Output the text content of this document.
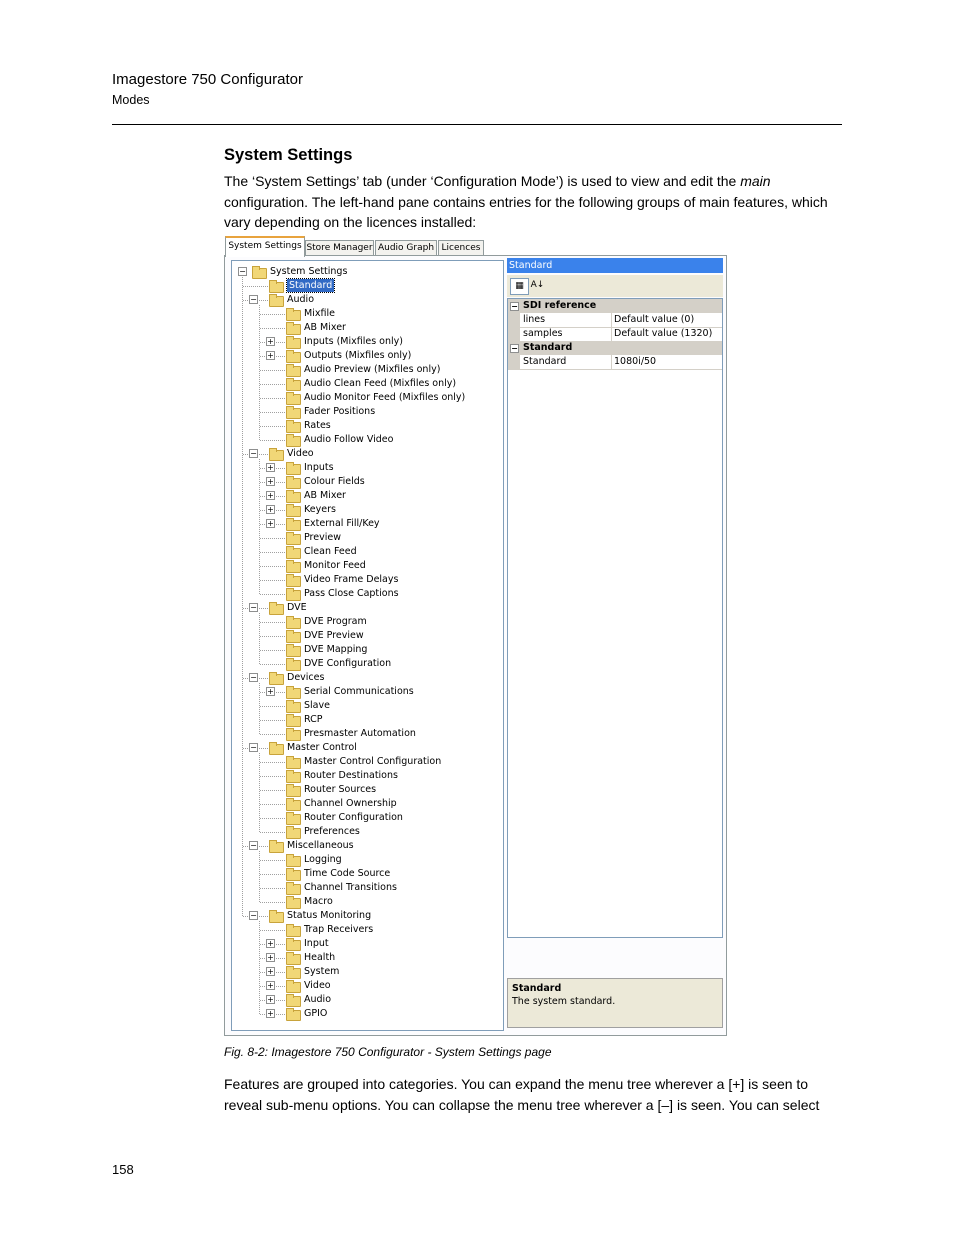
Imagestore 750 Configurator
Modes
System Settings
The ‘System Settings’ tab (under ‘Configuration Mode’) is used to view and edit the main configuration. The left-hand pane contains entries for the following groups of main features, which vary depending on the licences installed:
System Settings Store Manager Audio Graph Licences
−	System Settings
Standard
−	Audio
Mixfile
AB Mixer
+	Inputs (Mixfiles only)
+	Outputs (Mixfiles only)
Audio Preview (Mixfiles only)
Audio Clean Feed (Mixfiles only)
Audio Monitor Feed (Mixfiles only)
Fader Positions
Rates
Audio Follow Video
−	Video
+	Inputs
+	Colour Fields
+	AB Mixer
+	Keyers
+	External Fill/Key
Preview
Clean Feed
Monitor Feed
Video Frame Delays
Pass Close Captions
−	DVE
DVE Program
DVE Preview
DVE Mapping
DVE Configuration
−	Devices
+	Serial Communications
Slave
RCP
Presmaster Automation
−	Master Control
Master Control Configuration
Router Destinations
Router Sources
Channel Ownership
Router Configuration
Preferences
−	Miscellaneous
Logging
Time Code Source
Channel Transitions
Macro
−	Status Monitoring
Trap Receivers
+	Input
+	Health
+	System
+	Video
+	Audio
+	GPIO
Standard
▦ A↓
− SDI reference
lines	Default value (0)
samples	Default value (1320)
− Standard
Standard	1080i/50
Standard
The system standard.
Fig. 8-2: Imagestore 750 Configurator - System Settings page
Features are grouped into categories. You can expand the menu tree wherever a [+] is seen to reveal sub-menu options. You can collapse the menu tree wherever a [–] is seen. You can select
158
